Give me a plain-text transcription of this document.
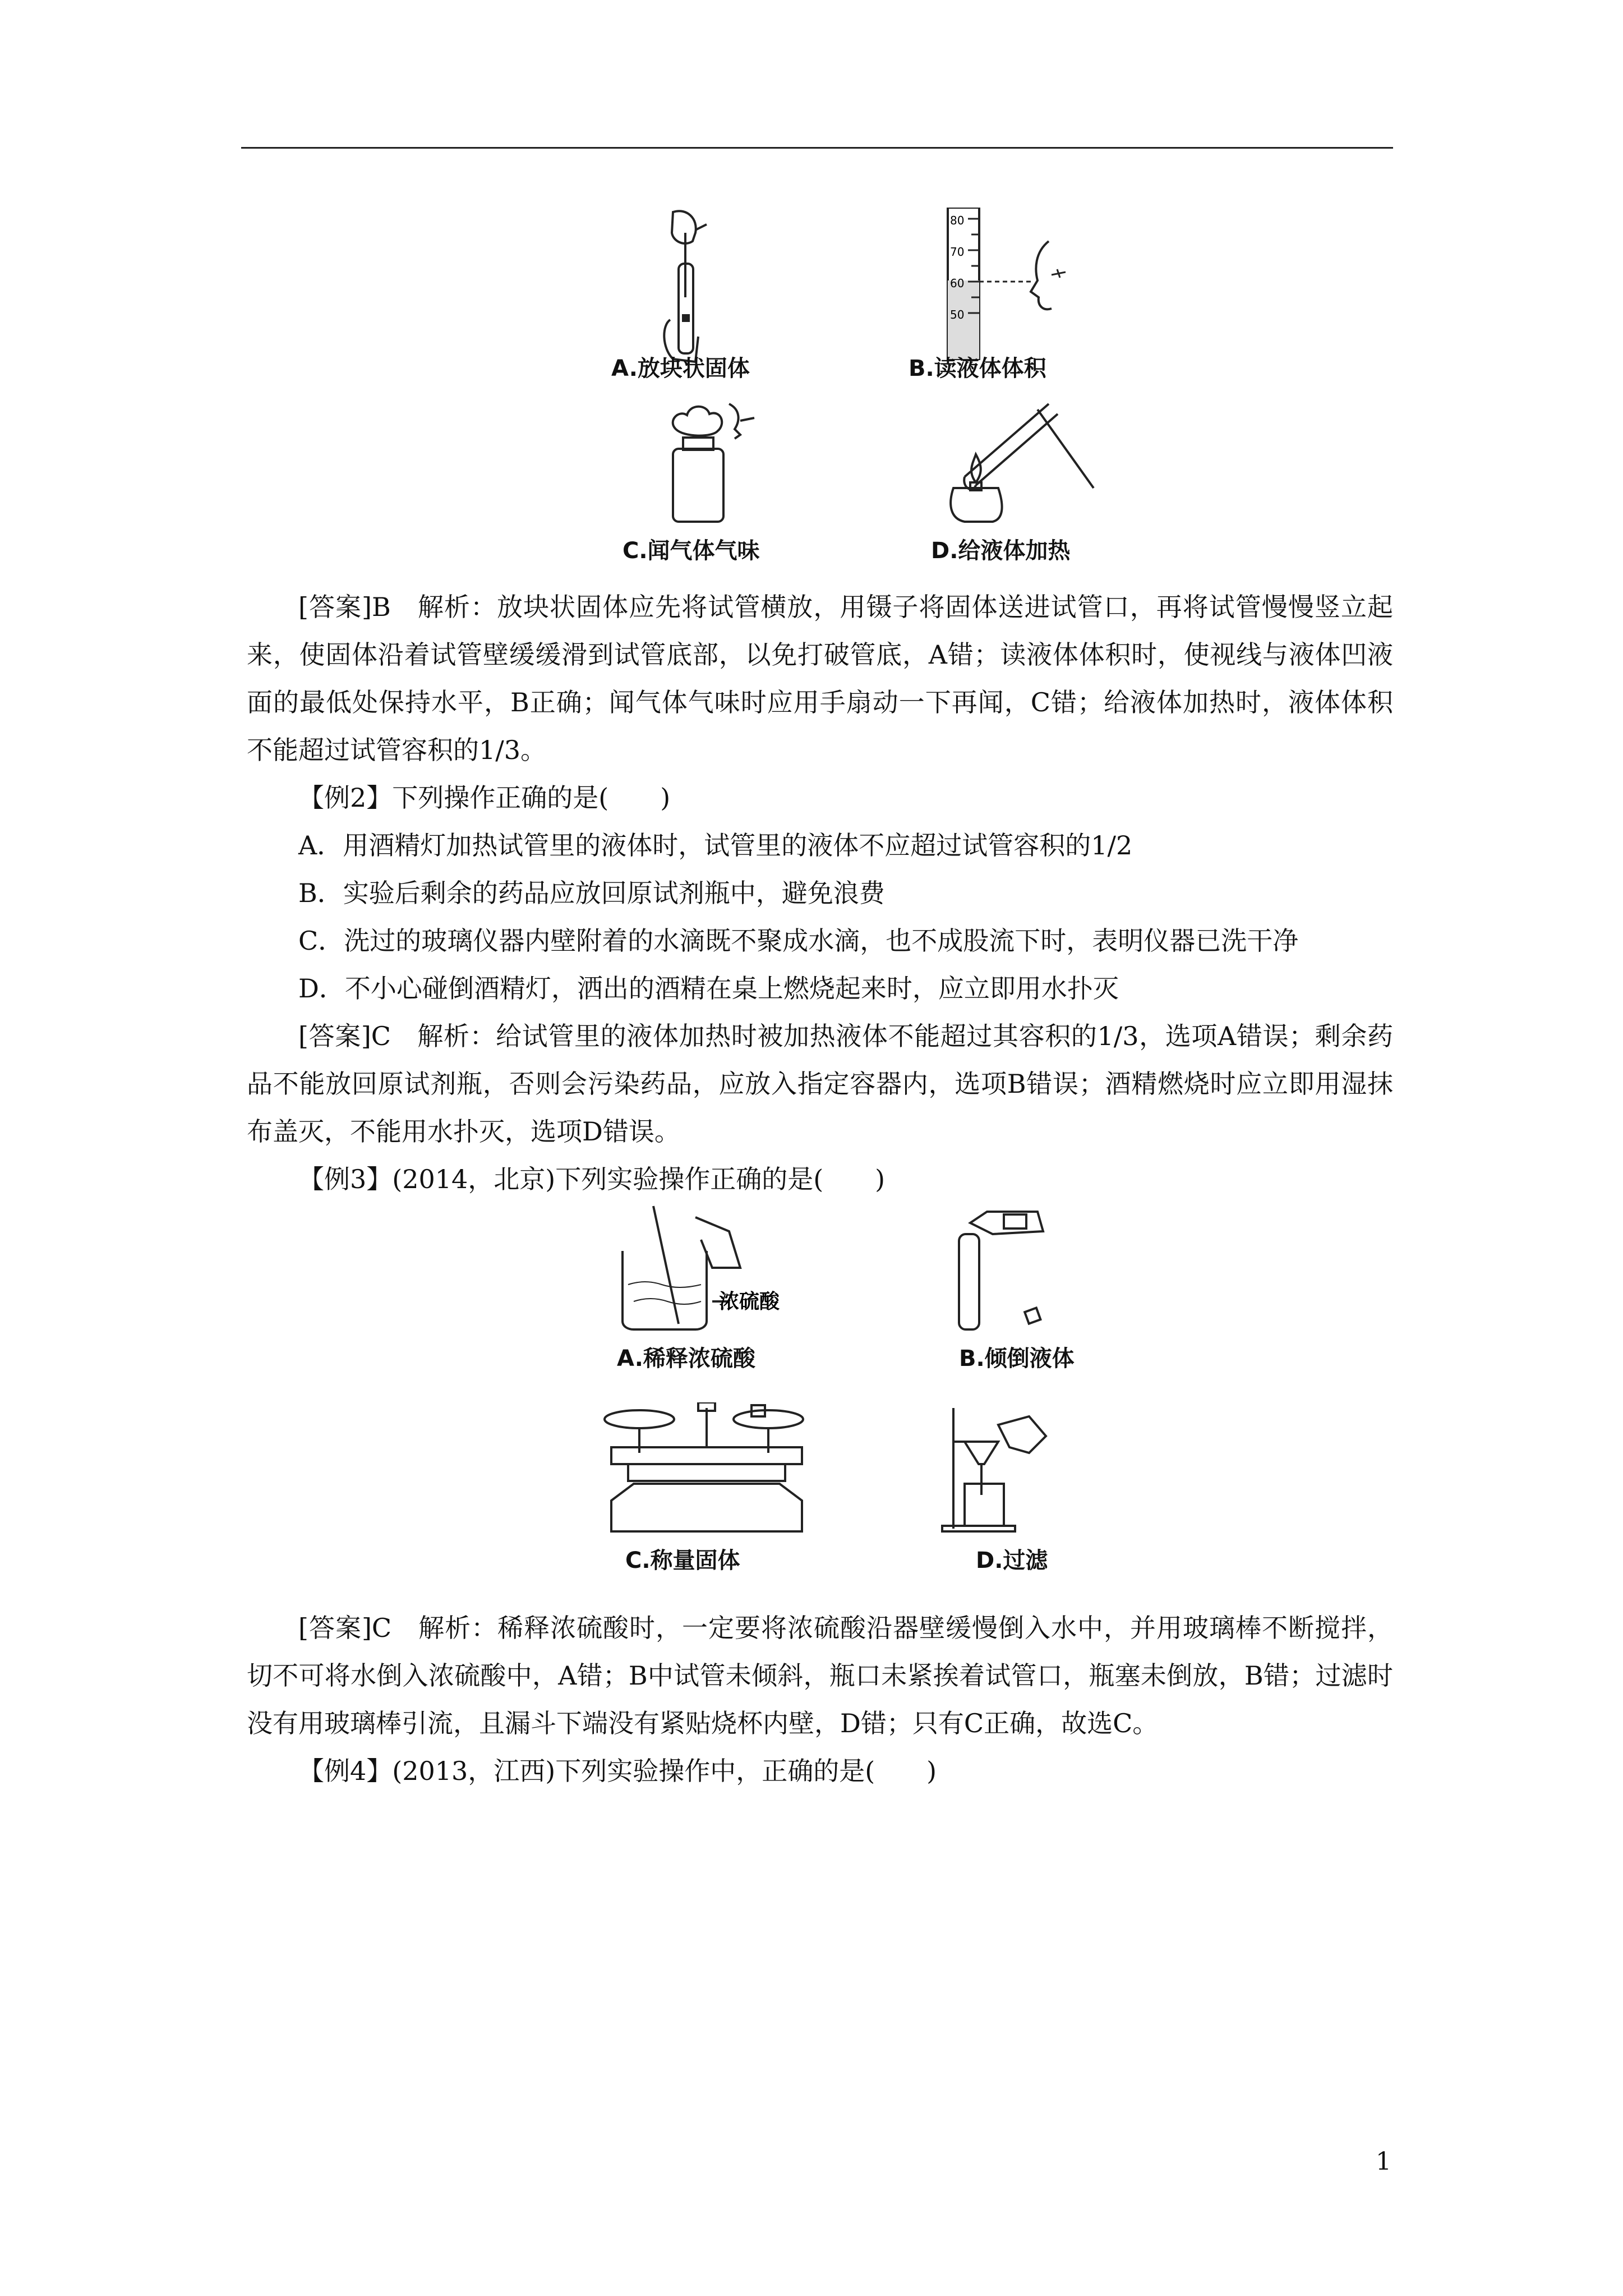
A.放块状固体
80
70
60
50
B.读液体体积
C.闻气体气味	D.给液体加热

[答案]B　解析：放块状固体应先将试管横放，用镊子将固体送进试管口，再将试管慢慢竖立起来，使固体沿着试管壁缓缓滑到试管底部，以免打破管底，A错；读液体体积时，使视线与液体凹液面的最低处保持水平，B正确；闻气体气味时应用手扇动一下再闻，C错；给液体加热时，液体体积不能超过试管容积的1/3。

【例2】下列操作正确的是(　　)

A．用酒精灯加热试管里的液体时，试管里的液体不应超过试管容积的1/2

B．实验后剩余的药品应放回原试剂瓶中，避免浪费

C．洗过的玻璃仪器内壁附着的水滴既不聚成水滴，也不成股流下时，表明仪器已洗干净

D．不小心碰倒酒精灯，洒出的酒精在桌上燃烧起来时，应立即用水扑灭

[答案]C　解析：给试管里的液体加热时被加热液体不能超过其容积的1/3，选项A错误；剩余药品不能放回原试剂瓶，否则会污染药品，应放入指定容器内，选项B错误；酒精燃烧时应立即用湿抹布盖灭，不能用水扑灭，选项D错误。

【例3】(2014，北京)下列实验操作正确的是(　　)

浓硫酸
A.稀释浓硫酸	B.倾倒液体
C.称量固体	D.过滤

[答案]C　解析：稀释浓硫酸时，一定要将浓硫酸沿器壁缓慢倒入水中，并用玻璃棒不断搅拌，切不可将水倒入浓硫酸中，A错；B中试管未倾斜，瓶口未紧挨着试管口，瓶塞未倒放，B错；过滤时没有用玻璃棒引流，且漏斗下端没有紧贴烧杯内壁，D错；只有C正确，故选C。

【例4】(2013，江西)下列实验操作中，正确的是(　　)

1
